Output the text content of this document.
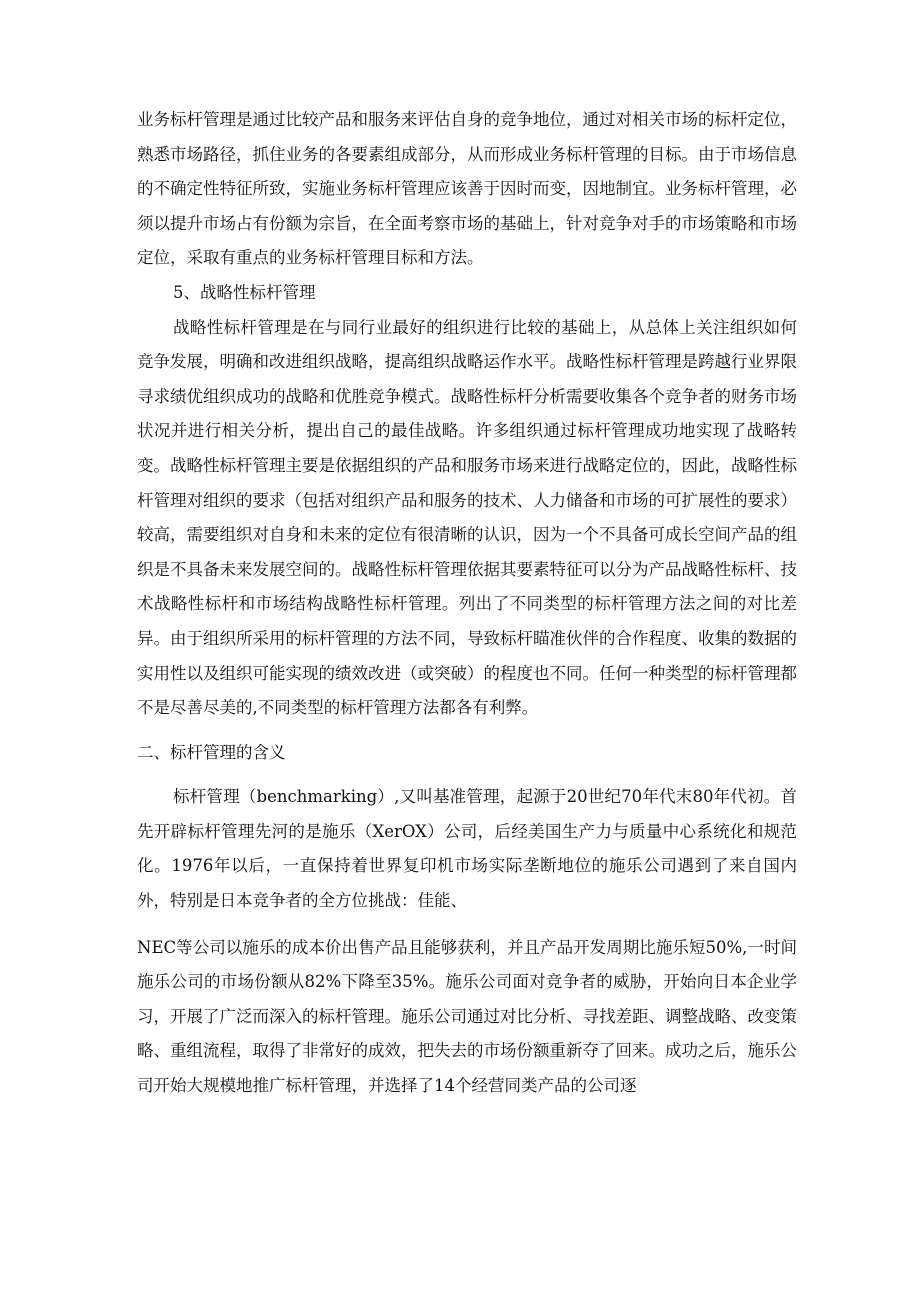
业务标杆管理是通过比较产品和服务来评估自身的竞争地位，通过对相关市场的标杆定位，熟悉市场路径，抓住业务的各要素组成部分，从而形成业务标杆管理的目标。由于市场信息的不确定性特征所致，实施业务标杆管理应该善于因时而变，因地制宜。业务标杆管理，必须以提升市场占有份额为宗旨，在全面考察市场的基础上，针对竞争对手的市场策略和市场定位，采取有重点的业务标杆管理目标和方法。

5、战略性标杆管理

战略性标杆管理是在与同行业最好的组织进行比较的基础上，从总体上关注组织如何竞争发展，明确和改进组织战略，提高组织战略运作水平。战略性标杆管理是跨越行业界限寻求绩优组织成功的战略和优胜竞争模式。战略性标杆分析需要收集各个竞争者的财务市场状况并进行相关分析，提出自己的最佳战略。许多组织通过标杆管理成功地实现了战略转变。战略性标杆管理主要是依据组织的产品和服务市场来进行战略定位的，因此，战略性标杆管理对组织的要求（包括对组织产品和服务的技术、人力储备和市场的可扩展性的要求）较高，需要组织对自身和未来的定位有很清晰的认识，因为一个不具备可成长空间产品的组织是不具备未来发展空间的。战略性标杆管理依据其要素特征可以分为产品战略性标杆、技术战略性标杆和市场结构战略性标杆管理。列出了不同类型的标杆管理方法之间的对比差异。由于组织所采用的标杆管理的方法不同，导致标杆瞄准伙伴的合作程度、收集的数据的实用性以及组织可能实现的绩效改进（或突破）的程度也不同。任何一种类型的标杆管理都不是尽善尽美的,不同类型的标杆管理方法都各有利弊。

二、标杆管理的含义

标杆管理（benchmarking）,又叫基准管理，起源于20世纪70年代末80年代初。首先开辟标杆管理先河的是施乐（XerOX）公司，后经美国生产力与质量中心系统化和规范化。1976年以后，一直保持着世界复印机市场实际垄断地位的施乐公司遇到了来自国内外，特别是日本竞争者的全方位挑战：佳能、

NEC等公司以施乐的成本价出售产品且能够获利，并且产品开发周期比施乐短50%,一时间施乐公司的市场份额从82%下降至35%。施乐公司面对竞争者的威胁，开始向日本企业学习，开展了广泛而深入的标杆管理。施乐公司通过对比分析、寻找差距、调整战略、改变策略、重组流程，取得了非常好的成效，把失去的市场份额重新夺了回来。成功之后，施乐公司开始大规模地推广标杆管理，并选择了14个经营同类产品的公司逐
